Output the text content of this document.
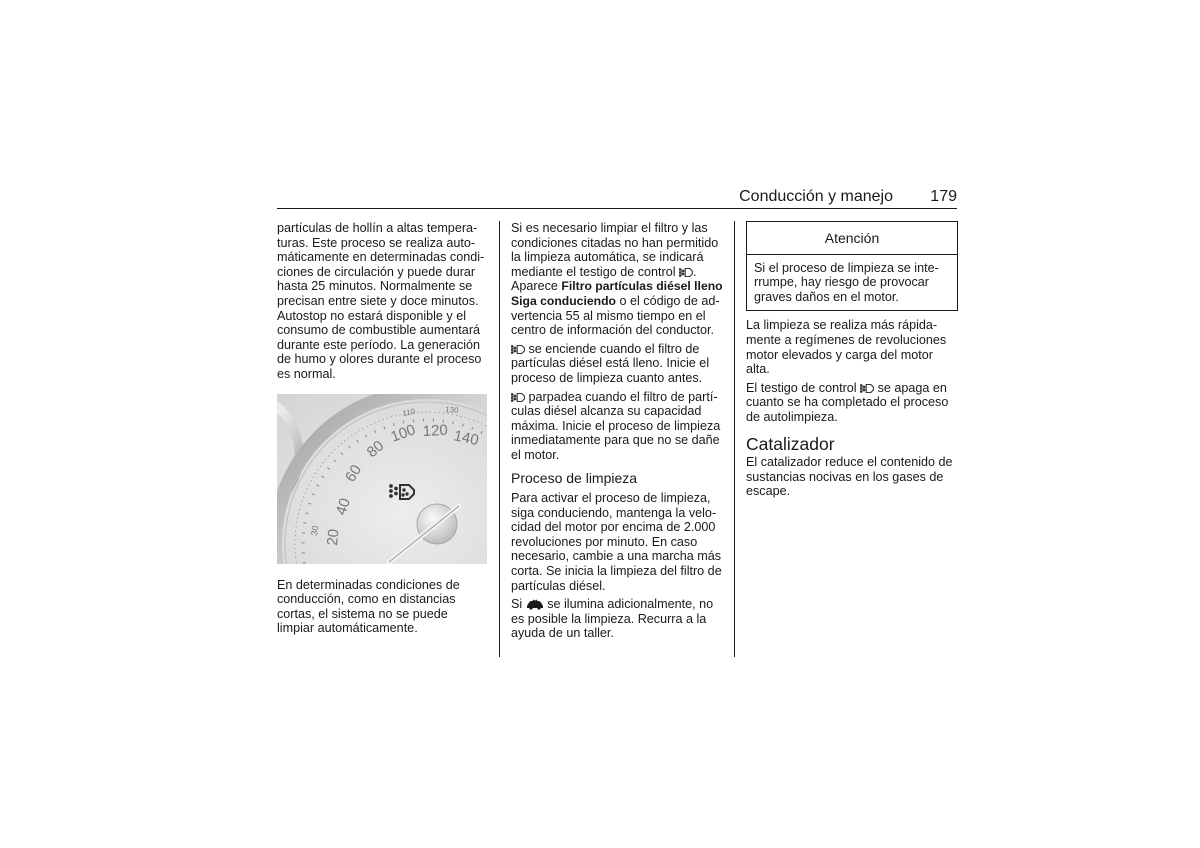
Conducción y manejo 179

partículas de hollín a altas temperaturas. Este proceso se realiza automáticamente en determinadas condiciones de circulación y puede durar hasta 25 minutos. Normalmente se precisan entre siete y doce minutos. Autostop no estará disponible y el consumo de combustible aumentará durante este período. La generación de humo y olores durante el proceso es normal.

20
30
40
60
80
100 120 140
110	130

En determinadas condiciones de conducción, como en distancias cortas, el sistema no se puede limpiar automáticamente.

Si es necesario limpiar el filtro y las condiciones citadas no han permitido la limpieza automática, se indicará mediante el testigo de control . Aparece Filtro partículas diésel lleno Siga conduciendo o el código de advertencia 55 al mismo tiempo en el centro de información del conductor.

se enciende cuando el filtro de partículas diésel está lleno. Inicie el proceso de limpieza cuanto antes.

parpadea cuando el filtro de partículas diésel alcanza su capacidad máxima. Inicie el proceso de limpieza inmediatamente para que no se dañe el motor.

Proceso de limpieza

Para activar el proceso de limpieza, siga conduciendo, mantenga la velocidad del motor por encima de 2.000 revoluciones por minuto. En caso necesario, cambie a una marcha más corta. Se inicia la limpieza del filtro de partículas diésel.

Si se ilumina adicionalmente, no es posible la limpieza. Recurra a la ayuda de un taller.

Atención
Si el proceso de limpieza se interrumpe, hay riesgo de provocar graves daños en el motor.

La limpieza se realiza más rápidamente a regímenes de revoluciones motor elevados y carga del motor alta.

El testigo de control se apaga en cuanto se ha completado el proceso de autolimpieza.

Catalizador

El catalizador reduce el contenido de sustancias nocivas en los gases de escape.
